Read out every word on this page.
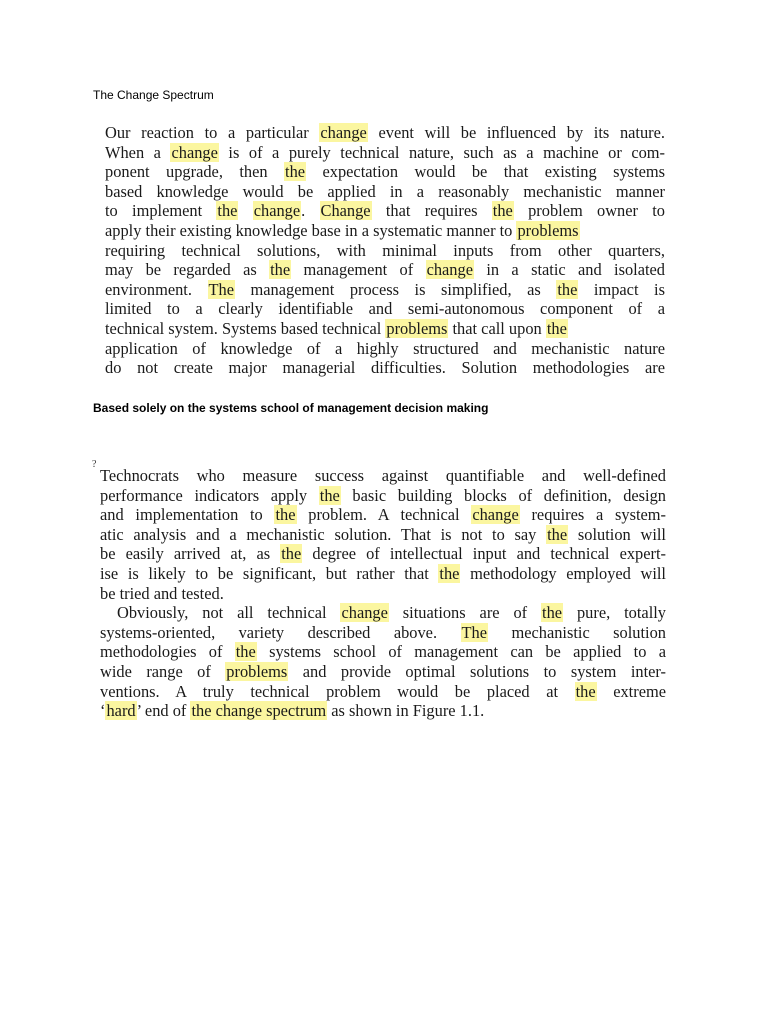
The Change Spectrum
Our reaction to a particular change event will be influenced by its nature.
When a change is of a purely technical nature, such as a machine or com-
ponent upgrade, then the expectation would be that existing systems
based knowledge would be applied in a reasonably mechanistic manner
to implement the change. Change that requires the problem owner to
apply their existing knowledge base in a systematic manner to problems
requiring technical solutions, with minimal inputs from other quarters,
may be regarded as the management of change in a static and isolated
environment. The management process is simplified, as the impact is
limited to a clearly identifiable and semi-autonomous component of a
technical system. Systems based technical problems that call upon the
application of knowledge of a highly structured and mechanistic nature
do not create major managerial difficulties. Solution methodologies are
Based solely on the systems school of management decision making
?
Technocrats who measure success against quantifiable and well-defined
performance indicators apply the basic building blocks of definition, design
and implementation to the problem. A technical change requires a system-
atic analysis and a mechanistic solution. That is not to say the solution will
be easily arrived at, as the degree of intellectual input and technical expert-
ise is likely to be significant, but rather that the methodology employed will
be tried and tested.
Obviously, not all technical change situations are of the pure, totally
systems-oriented, variety described above. The mechanistic solution
methodologies of the systems school of management can be applied to a
wide range of problems and provide optimal solutions to system inter-
ventions. A truly technical problem would be placed at the extreme
‘hard’ end of the change spectrum as shown in Figure 1.1.
